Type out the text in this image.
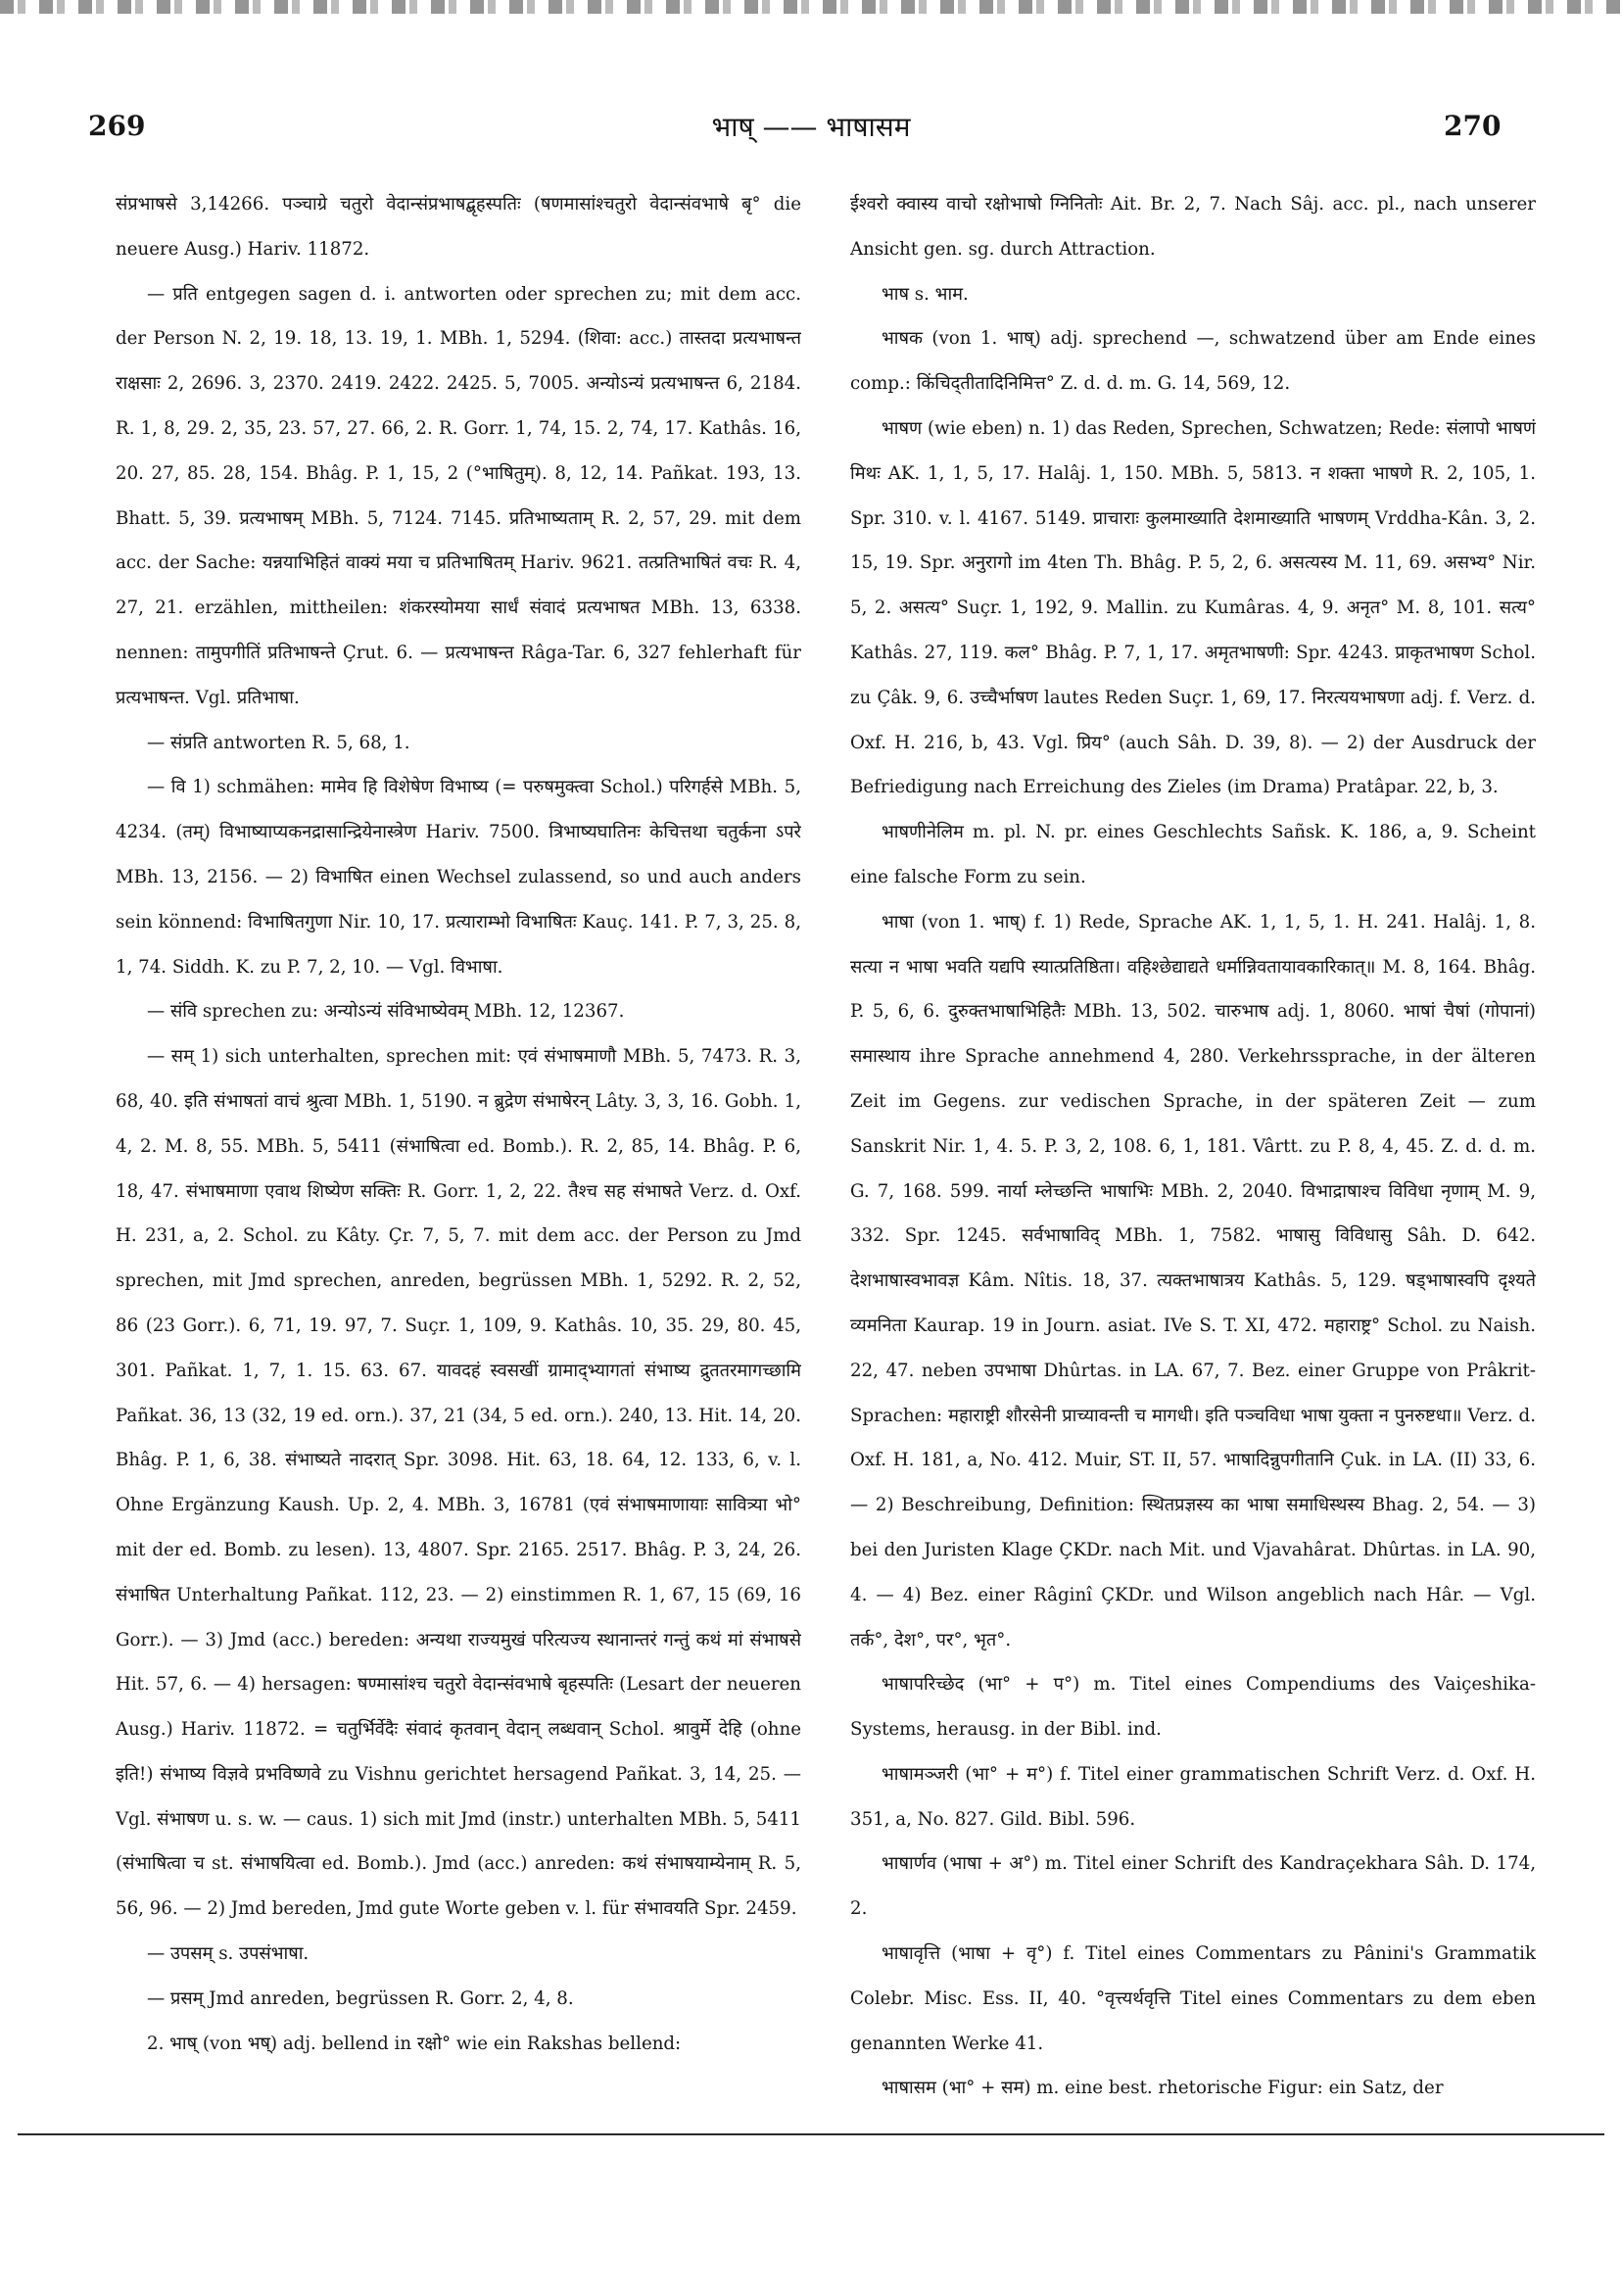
269	भाष् —— भाषासम	270

संप्रभाषसे 3,14266. पञ्चाग्रे चतुरो वेदान्संप्रभाषद्बृहस्पतिः (षणमासांश्चतुरो वेदान्संवभाषे बृ° die neuere Ausg.) Hariv. 11872.

— प्रति entgegen sagen d. i. antworten oder sprechen zu; mit dem acc. der Person N. 2, 19. 18, 13. 19, 1. MBh. 1, 5294. (शिवा: acc.) तास्तदा प्रत्यभाषन्त राक्षसाः 2, 2696. 3, 2370. 2419. 2422. 2425. 5, 7005. अन्योऽन्यं प्रत्यभाषन्त 6, 2184. R. 1, 8, 29. 2, 35, 23. 57, 27. 66, 2. R. Gorr. 1, 74, 15. 2, 74, 17. Kathâs. 16, 20. 27, 85. 28, 154. Bhâg. P. 1, 15, 2 (°भाषितुम्). 8, 12, 14. Pañkat. 193, 13. Bhatt. 5, 39. प्रत्यभाषम् MBh. 5, 7124. 7145. प्रतिभाष्यताम् R. 2, 57, 29. mit dem acc. der Sache: यन्नयाभिहितं वाक्यं मया च प्रतिभाषितम् Hariv. 9621. तत्प्रतिभाषितं वचः R. 4, 27, 21. erzählen, mittheilen: शंकरस्योमया सार्धं संवादं प्रत्यभाषत MBh. 13, 6338. nennen: तामुपगीतिं प्रतिभाषन्ते Çrut. 6. — प्रत्यभाषन्त Râga-Tar. 6, 327 fehlerhaft für प्रत्यभाषन्त. Vgl. प्रतिभाषा.

— संप्रति antworten R. 5, 68, 1.

— वि 1) schmähen: मामेव हि विशेषेण विभाष्य (= परुषमुक्त्वा Schol.) परिगर्हसे MBh. 5, 4234. (तम्) विभाष्याप्यकनद्रासान्द्रियेनास्त्रेण Hariv. 7500. त्रिभाष्यघातिनः केचित्तथा चतुर्कना ऽपरे MBh. 13, 2156. — 2) विभाषित einen Wechsel zulassend, so und auch anders sein könnend: विभाषितगुणा Nir. 10, 17. प्रत्याराम्भो विभाषितः Kauç. 141. P. 7, 3, 25. 8, 1, 74. Siddh. K. zu P. 7, 2, 10. — Vgl. विभाषा.

— संवि sprechen zu: अन्योऽन्यं संविभाष्येवम् MBh. 12, 12367.

— सम् 1) sich unterhalten, sprechen mit: एवं संभाषमाणौ MBh. 5, 7473. R. 3, 68, 40. इति संभाषतां वाचं श्रुत्वा MBh. 1, 5190. न ब्रुद्रेण संभाषेरन् Lâty. 3, 3, 16. Gobh. 1, 4, 2. M. 8, 55. MBh. 5, 5411 (संभाषित्वा ed. Bomb.). R. 2, 85, 14. Bhâg. P. 6, 18, 47. संभाषमाणा एवाथ शिष्येण सक्तिः R. Gorr. 1, 2, 22. तैश्च सह संभाषते Verz. d. Oxf. H. 231, a, 2. Schol. zu Kâty. Çr. 7, 5, 7. mit dem acc. der Person zu Jmd sprechen, mit Jmd sprechen, anreden, begrüssen MBh. 1, 5292. R. 2, 52, 86 (23 Gorr.). 6, 71, 19. 97, 7. Suçr. 1, 109, 9. Kathâs. 10, 35. 29, 80. 45, 301. Pañkat. 1, 7, 1. 15. 63. 67. यावदहं स्वसखीं ग्रामाद्भ्यागतां संभाष्य द्रुततरमागच्छामि Pañkat. 36, 13 (32, 19 ed. orn.). 37, 21 (34, 5 ed. orn.). 240, 13. Hit. 14, 20. Bhâg. P. 1, 6, 38. संभाष्यते नादरात् Spr. 3098. Hit. 63, 18. 64, 12. 133, 6, v. l. Ohne Ergänzung Kaush. Up. 2, 4. MBh. 3, 16781 (एवं संभाषमाणायाः सावित्र्या भो° mit der ed. Bomb. zu lesen). 13, 4807. Spr. 2165. 2517. Bhâg. P. 3, 24, 26. संभाषित Unterhaltung Pañkat. 112, 23. — 2) einstimmen R. 1, 67, 15 (69, 16 Gorr.). — 3) Jmd (acc.) bereden: अन्यथा राज्यमुखं परित्यज्य स्थानान्तरं गन्तुं कथं मां संभाषसे Hit. 57, 6. — 4) hersagen: षण्मासांश्च चतुरो वेदान्संवभाषे बृहस्पतिः (Lesart der neueren Ausg.) Hariv. 11872. = चतुर्भिर्वेदैः संवादं कृतवान् वेदान् लब्धवान् Schol. श्रावुर्मे देहि (ohne इति!) संभाष्य विज्ञवे प्रभविष्णवे zu Vishnu gerichtet hersagend Pañkat. 3, 14, 25. — Vgl. संभाषण u. s. w. — caus. 1) sich mit Jmd (instr.) unterhalten MBh. 5, 5411 (संभाषित्वा च st. संभाषयित्वा ed. Bomb.). Jmd (acc.) anreden: कथं संभाषयाम्येनाम् R. 5, 56, 96. — 2) Jmd bereden, Jmd gute Worte geben v. l. für संभावयति Spr. 2459.

— उपसम् s. उपसंभाषा.

— प्रसम् Jmd anreden, begrüssen R. Gorr. 2, 4, 8.

2. भाष् (von भष्) adj. bellend in रक्षो° wie ein Rakshas bellend:

ईश्वरो क्वास्य वाचो रक्षोभाषो ग्निनितोः Ait. Br. 2, 7. Nach Sâj. acc. pl., nach unserer Ansicht gen. sg. durch Attraction.

भाष s. भाम.

भाषक (von 1. भाष्) adj. sprechend —, schwatzend über am Ende eines comp.: किंचिद्तीतादिनिमित्त° Z. d. d. m. G. 14, 569, 12.

भाषण (wie eben) n. 1) das Reden, Sprechen, Schwatzen; Rede: संलापो भाषणं मिथः AK. 1, 1, 5, 17. Halâj. 1, 150. MBh. 5, 5813. न शक्ता भाषणे R. 2, 105, 1. Spr. 310. v. l. 4167. 5149. प्राचाराः कुलमाख्याति देशमाख्याति भाषणम् Vrddha-Kân. 3, 2. 15, 19. Spr. अनुरागो im 4ten Th. Bhâg. P. 5, 2, 6. असत्यस्य M. 11, 69. असभ्य° Nir. 5, 2. असत्य° Suçr. 1, 192, 9. Mallin. zu Kumâras. 4, 9. अनृत° M. 8, 101. सत्य° Kathâs. 27, 119. कल° Bhâg. P. 7, 1, 17. अमृतभाषणी: Spr. 4243. प्राकृतभाषण Schol. zu Çâk. 9, 6. उच्चैर्भाषण lautes Reden Suçr. 1, 69, 17. निरत्ययभाषणा adj. f. Verz. d. Oxf. H. 216, b, 43. Vgl. प्रिय° (auch Sâh. D. 39, 8). — 2) der Ausdruck der Befriedigung nach Erreichung des Zieles (im Drama) Pratâpar. 22, b, 3.

भाषणीनेलिम m. pl. N. pr. eines Geschlechts Sañsk. K. 186, a, 9. Scheint eine falsche Form zu sein.

भाषा (von 1. भाष्) f. 1) Rede, Sprache AK. 1, 1, 5, 1. H. 241. Halâj. 1, 8. सत्या न भाषा भवति यद्यपि स्यात्प्रतिष्ठिता। वहिश्छेद्याद्यते धर्मान्निवतायावकारिकात्॥ M. 8, 164. Bhâg. P. 5, 6, 6. दुरुक्तभाषाभिहितैः MBh. 13, 502. चारुभाष adj. 1, 8060. भाषां चैषां (गोपानां) समास्थाय ihre Sprache annehmend 4, 280. Verkehrssprache, in der älteren Zeit im Gegens. zur vedischen Sprache, in der späteren Zeit — zum Sanskrit Nir. 1, 4. 5. P. 3, 2, 108. 6, 1, 181. Vârtt. zu P. 8, 4, 45. Z. d. d. m. G. 7, 168. 599. नार्या म्लेच्छन्ति भाषाभिः MBh. 2, 2040. विभाद्राषाश्च विविधा नृणाम् M. 9, 332. Spr. 1245. सर्वभाषाविद् MBh. 1, 7582. भाषासु विविधासु Sâh. D. 642. देशभाषास्वभावज्ञ Kâm. Nîtis. 18, 37. त्यक्तभाषात्रय Kathâs. 5, 129. षड्भाषास्वपि दृश्यते व्यमनिता Kaurap. 19 in Journ. asiat. IVe S. T. XI, 472. महाराष्ट्र° Schol. zu Naish. 22, 47. neben उपभाषा Dhûrtas. in LA. 67, 7. Bez. einer Gruppe von Prâkrit-Sprachen: महाराष्ट्री शौरसेनी प्राच्यावन्ती च मागधी। इति पञ्चविधा भाषा युक्ता न पुनरुष्टधा॥ Verz. d. Oxf. H. 181, a, No. 412. Muir, ST. II, 57. भाषादिन्नुपगीतानि Çuk. in LA. (II) 33, 6. — 2) Beschreibung, Definition: स्थितप्रज्ञस्य का भाषा समाधिस्थस्य Bhag. 2, 54. — 3) bei den Juristen Klage ÇKDr. nach Mit. und Vjavahârat. Dhûrtas. in LA. 90, 4. — 4) Bez. einer Râginî ÇKDr. und Wilson angeblich nach Hâr. — Vgl. तर्क°, देश°, पर°, भृत°.

भाषापरिच्छेद (भा° + प°) m. Titel eines Compendiums des Vaiçeshika-Systems, herausg. in der Bibl. ind.

भाषामञ्जरी (भा° + म°) f. Titel einer grammatischen Schrift Verz. d. Oxf. H. 351, a, No. 827. Gild. Bibl. 596.

भाषार्णव (भाषा + अ°) m. Titel einer Schrift des Kandraçekhara Sâh. D. 174, 2.

भाषावृत्ति (भाषा + वृ°) f. Titel eines Commentars zu Pânini's Grammatik Colebr. Misc. Ess. II, 40. °वृत्त्यर्थवृत्ति Titel eines Commentars zu dem eben genannten Werke 41.

भाषासम (भा° + सम) m. eine best. rhetorische Figur: ein Satz, der
